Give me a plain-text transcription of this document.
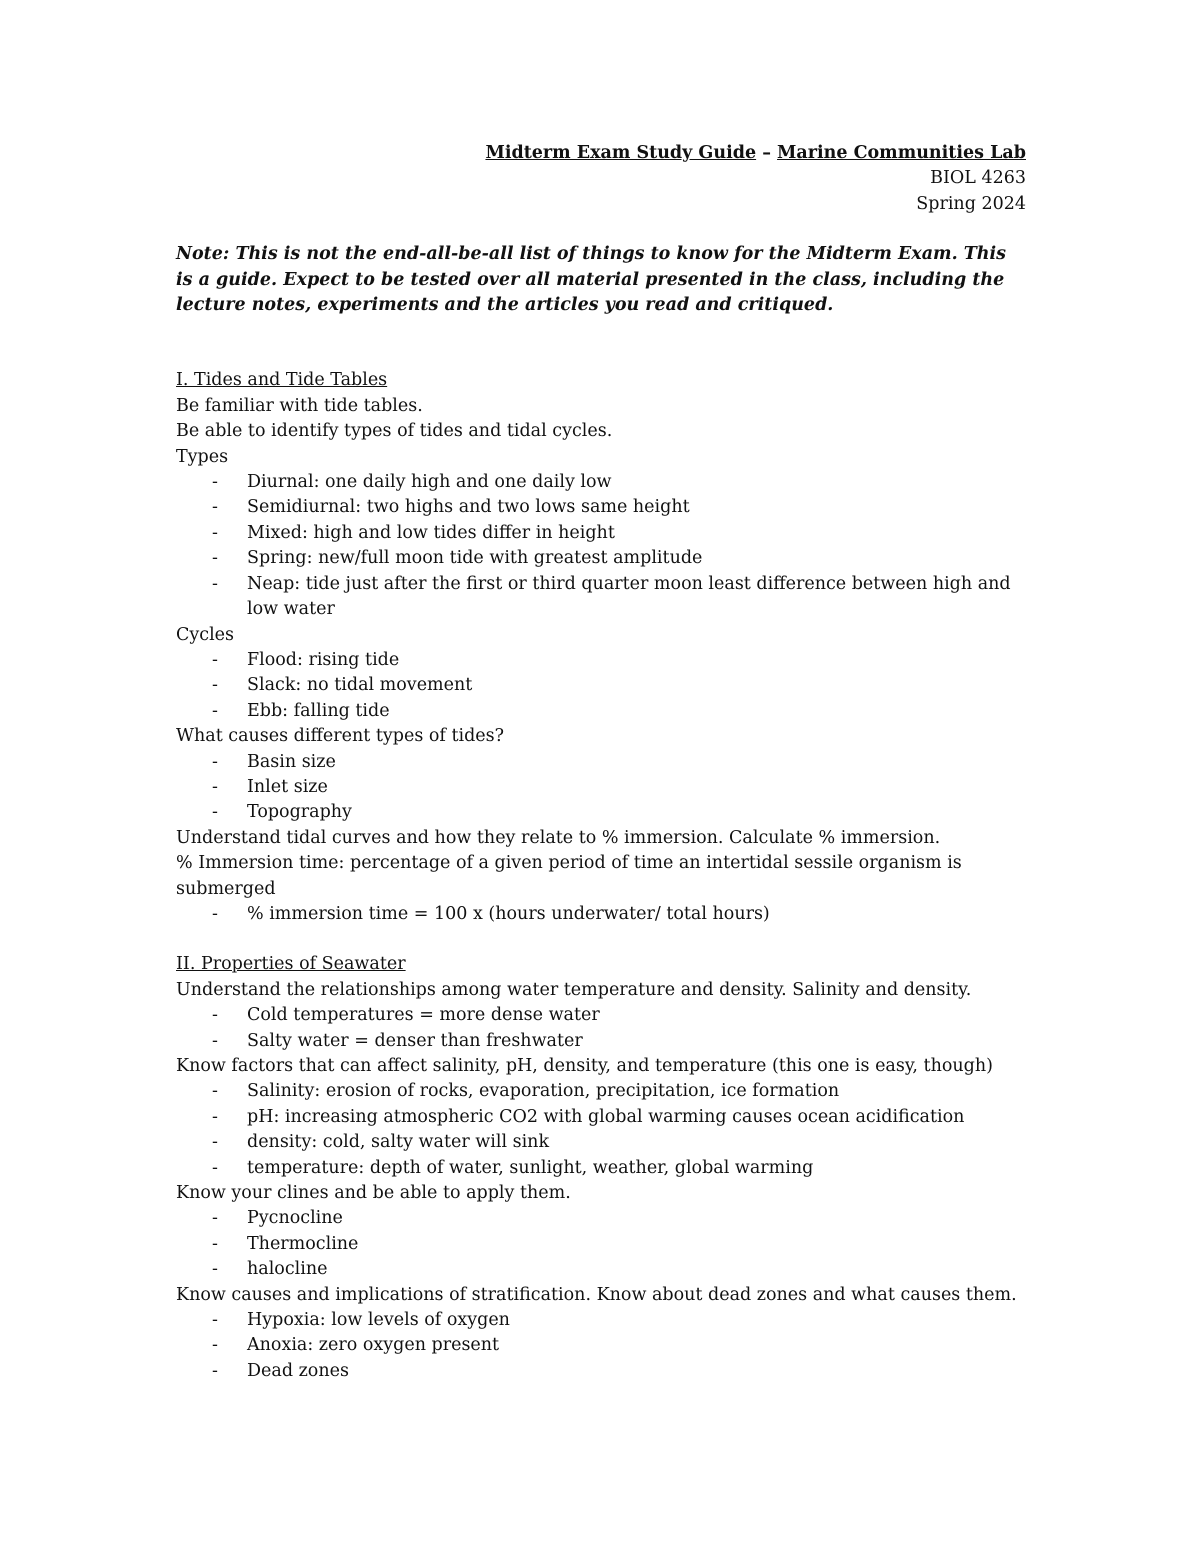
Midterm Exam Study Guide – Marine Communities Lab
BIOL 4263
Spring 2024
Note: This is not the end-all-be-all list of things to know for the Midterm Exam. This is a guide. Expect to be tested over all material presented in the class, including the lecture notes, experiments and the articles you read and critiqued.
I. Tides and Tide Tables
Be familiar with tide tables.
Be able to identify types of tides and tidal cycles.
Types
- Diurnal: one daily high and one daily low
- Semidiurnal: two highs and two lows same height
- Mixed: high and low tides differ in height
- Spring: new/full moon tide with greatest amplitude
- Neap: tide just after the first or third quarter moon least difference between high and low water
Cycles
- Flood: rising tide
- Slack: no tidal movement
- Ebb: falling tide
What causes different types of tides?
- Basin size
- Inlet size
- Topography
Understand tidal curves and how they relate to % immersion. Calculate % immersion.
% Immersion time: percentage of a given period of time an intertidal sessile organism is submerged
- % immersion time = 100 x (hours underwater/ total hours)
II. Properties of Seawater
Understand the relationships among water temperature and density. Salinity and density.
- Cold temperatures = more dense water
- Salty water = denser than freshwater
Know factors that can affect salinity, pH, density, and temperature (this one is easy, though)
- Salinity: erosion of rocks, evaporation, precipitation, ice formation
- pH: increasing atmospheric CO2 with global warming causes ocean acidification
- density: cold, salty water will sink
- temperature: depth of water, sunlight, weather, global warming
Know your clines and be able to apply them.
- Pycnocline
- Thermocline
- halocline
Know causes and implications of stratification. Know about dead zones and what causes them.
- Hypoxia: low levels of oxygen
- Anoxia: zero oxygen present
- Dead zones
